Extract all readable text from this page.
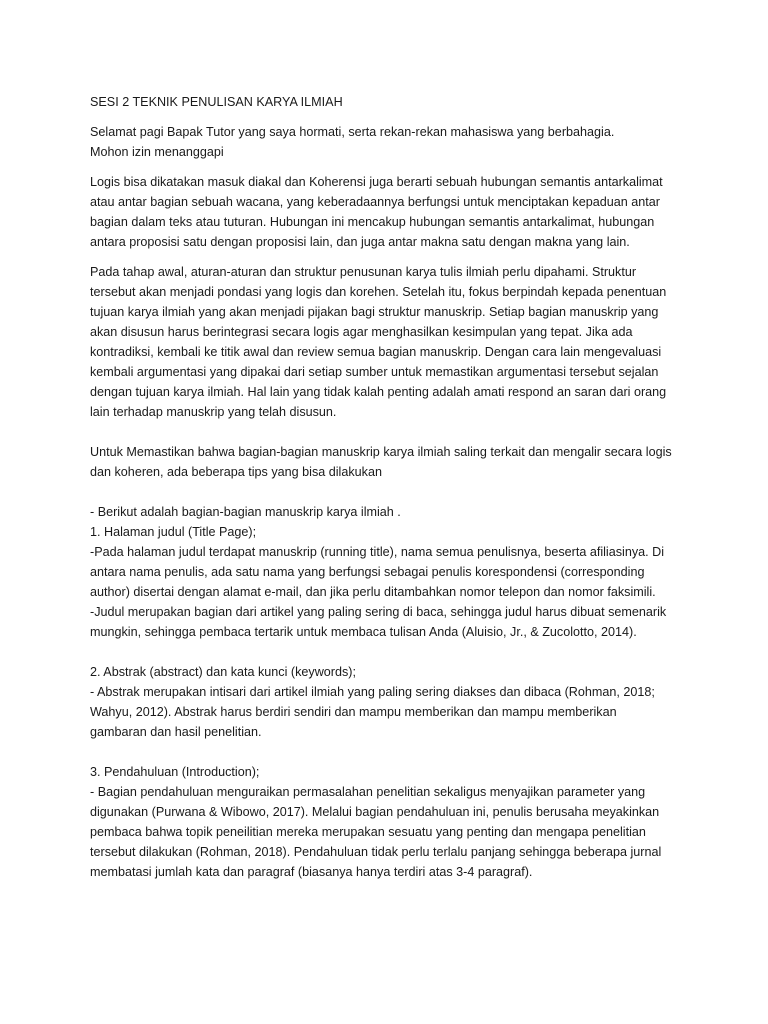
SESI 2 TEKNIK PENULISAN KARYA ILMIAH
Selamat pagi Bapak Tutor yang saya hormati, serta rekan-rekan mahasiswa yang berbahagia.
Mohon izin menanggapi
Logis bisa dikatakan masuk diakal dan Koherensi juga berarti sebuah hubungan semantis antarkalimat
atau antar bagian sebuah wacana, yang keberadaannya berfungsi untuk menciptakan kepaduan antar
bagian dalam teks atau tuturan. Hubungan ini mencakup hubungan semantis antarkalimat, hubungan
antara proposisi satu dengan proposisi lain, dan juga antar makna satu dengan makna yang lain.
Pada tahap awal, aturan-aturan dan struktur penusunan karya tulis ilmiah perlu dipahami. Struktur
tersebut akan menjadi pondasi yang logis dan korehen. Setelah itu, fokus berpindah kepada penentuan
tujuan karya ilmiah yang akan menjadi pijakan bagi struktur manuskrip. Setiap bagian manuskrip yang
akan disusun harus berintegrasi secara logis agar menghasilkan kesimpulan yang tepat. Jika ada
kontradiksi, kembali ke titik awal dan review semua bagian manuskrip. Dengan cara lain mengevaluasi
kembali argumentasi yang dipakai dari setiap sumber untuk memastikan argumentasi tersebut sejalan
dengan tujuan karya ilmiah. Hal lain yang tidak kalah penting adalah amati respond an saran dari orang
lain terhadap manuskrip yang telah disusun.
Untuk Memastikan bahwa bagian-bagian manuskrip karya ilmiah saling terkait dan mengalir secara logis
dan koheren, ada beberapa tips yang bisa dilakukan
- Berikut adalah bagian-bagian manuskrip karya ilmiah .
1. Halaman judul (Title Page);
-Pada halaman judul terdapat manuskrip (running title), nama semua penulisnya, beserta afiliasinya. Di
antara nama penulis, ada satu nama yang berfungsi sebagai penulis korespondensi (corresponding
author) disertai dengan alamat e-mail, dan jika perlu ditambahkan nomor telepon dan nomor faksimili.
-Judul merupakan bagian dari artikel yang paling sering di baca, sehingga judul harus dibuat semenarik
mungkin, sehingga pembaca tertarik untuk membaca tulisan Anda (Aluisio, Jr., & Zucolotto, 2014).
2. Abstrak (abstract) dan kata kunci (keywords);
- Abstrak merupakan intisari dari artikel ilmiah yang paling sering diakses dan dibaca (Rohman, 2018;
Wahyu, 2012). Abstrak harus berdiri sendiri dan mampu memberikan dan mampu memberikan
gambaran dan hasil penelitian.
3. Pendahuluan (Introduction);
- Bagian pendahuluan menguraikan permasalahan penelitian sekaligus menyajikan parameter yang
digunakan (Purwana & Wibowo, 2017). Melalui bagian pendahuluan ini, penulis berusaha meyakinkan
pembaca bahwa topik peneilitian mereka merupakan sesuatu yang penting dan mengapa penelitian
tersebut dilakukan (Rohman, 2018). Pendahuluan tidak perlu terlalu panjang sehingga beberapa jurnal
membatasi jumlah kata dan paragraf (biasanya hanya terdiri atas 3-4 paragraf).
